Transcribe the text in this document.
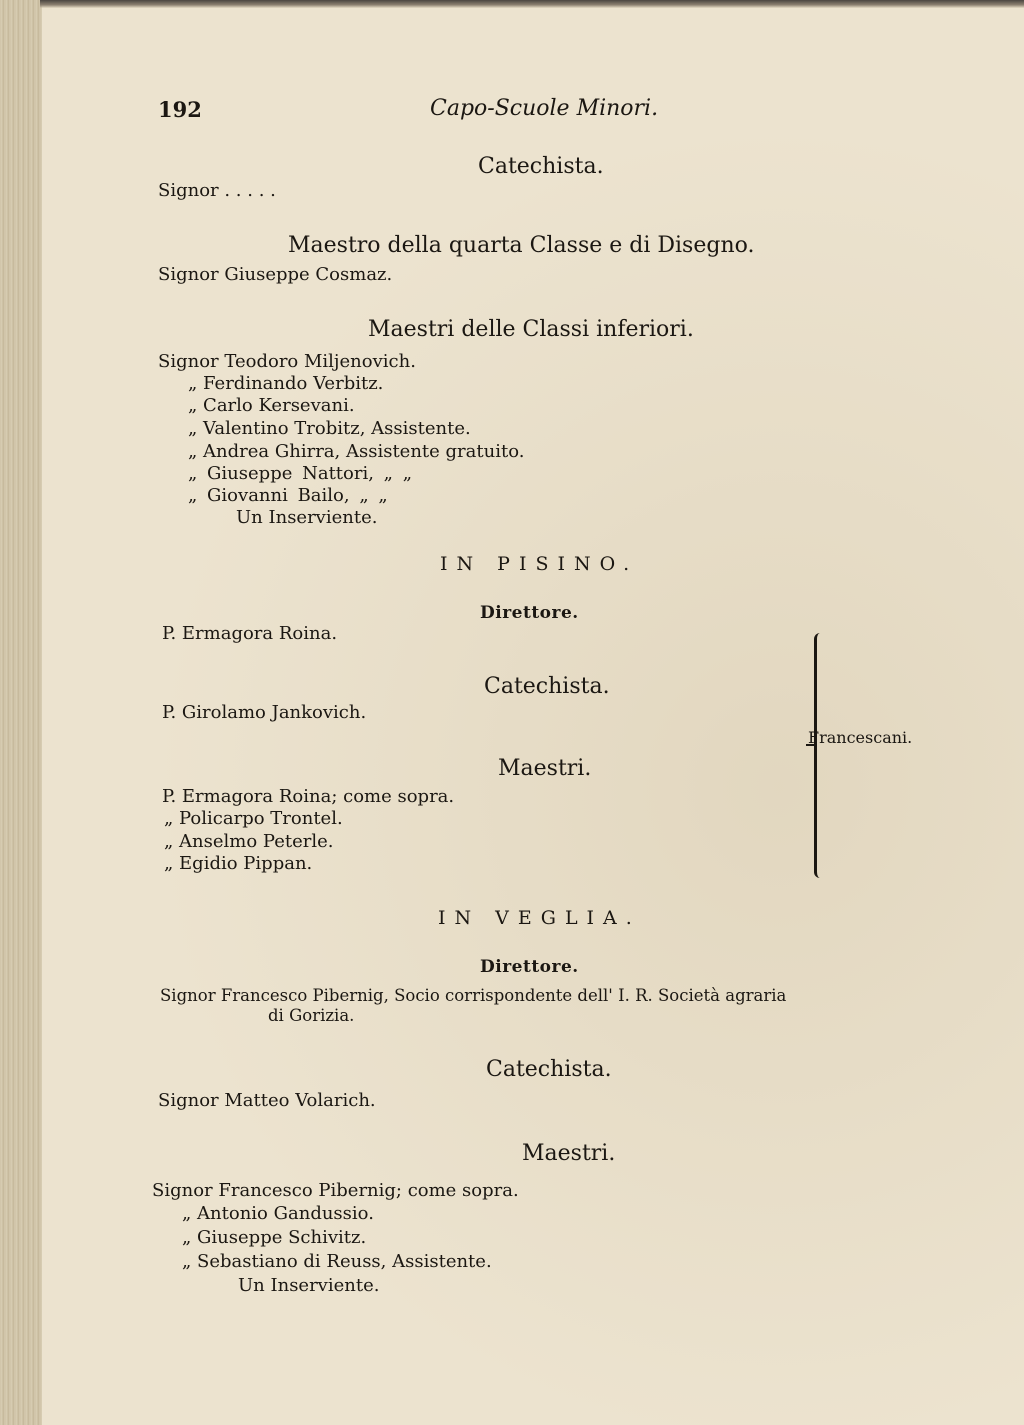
192	Capo-Scuole Minori.
Catechista.
Signor . . . . .
Maestro della quarta Classe e di Disegno.
Signor Giuseppe Cosmaz.
Maestri delle Classi inferiori.
Signor Teodoro Miljenovich.
„ Ferdinando Verbitz.
„ Carlo Kersevani.
„ Valentino Trobitz, Assistente.
„ Andrea Ghirra, Assistente gratuito.
„ Giuseppe Nattori, „ „
„ Giovanni Bailo, „ „
Un Inserviente.
IN PISINO.
Direttore.
P. Ermagora Roina.
Catechista.
P. Girolamo Jankovich.
Maestri.
P. Ermagora Roina; come sopra.
„ Policarpo Trontel.
„ Anselmo Peterle.
„ Egidio Pippan.
Francescani.
IN VEGLIA.
Direttore.
Signor Francesco Pibernig, Socio corrispondente dell' I. R. Società agraria
di Gorizia.
Catechista.
Signor Matteo Volarich.
Maestri.
Signor Francesco Pibernig; come sopra.
„ Antonio Gandussio.
„ Giuseppe Schivitz.
„ Sebastiano di Reuss, Assistente.
Un Inserviente.
